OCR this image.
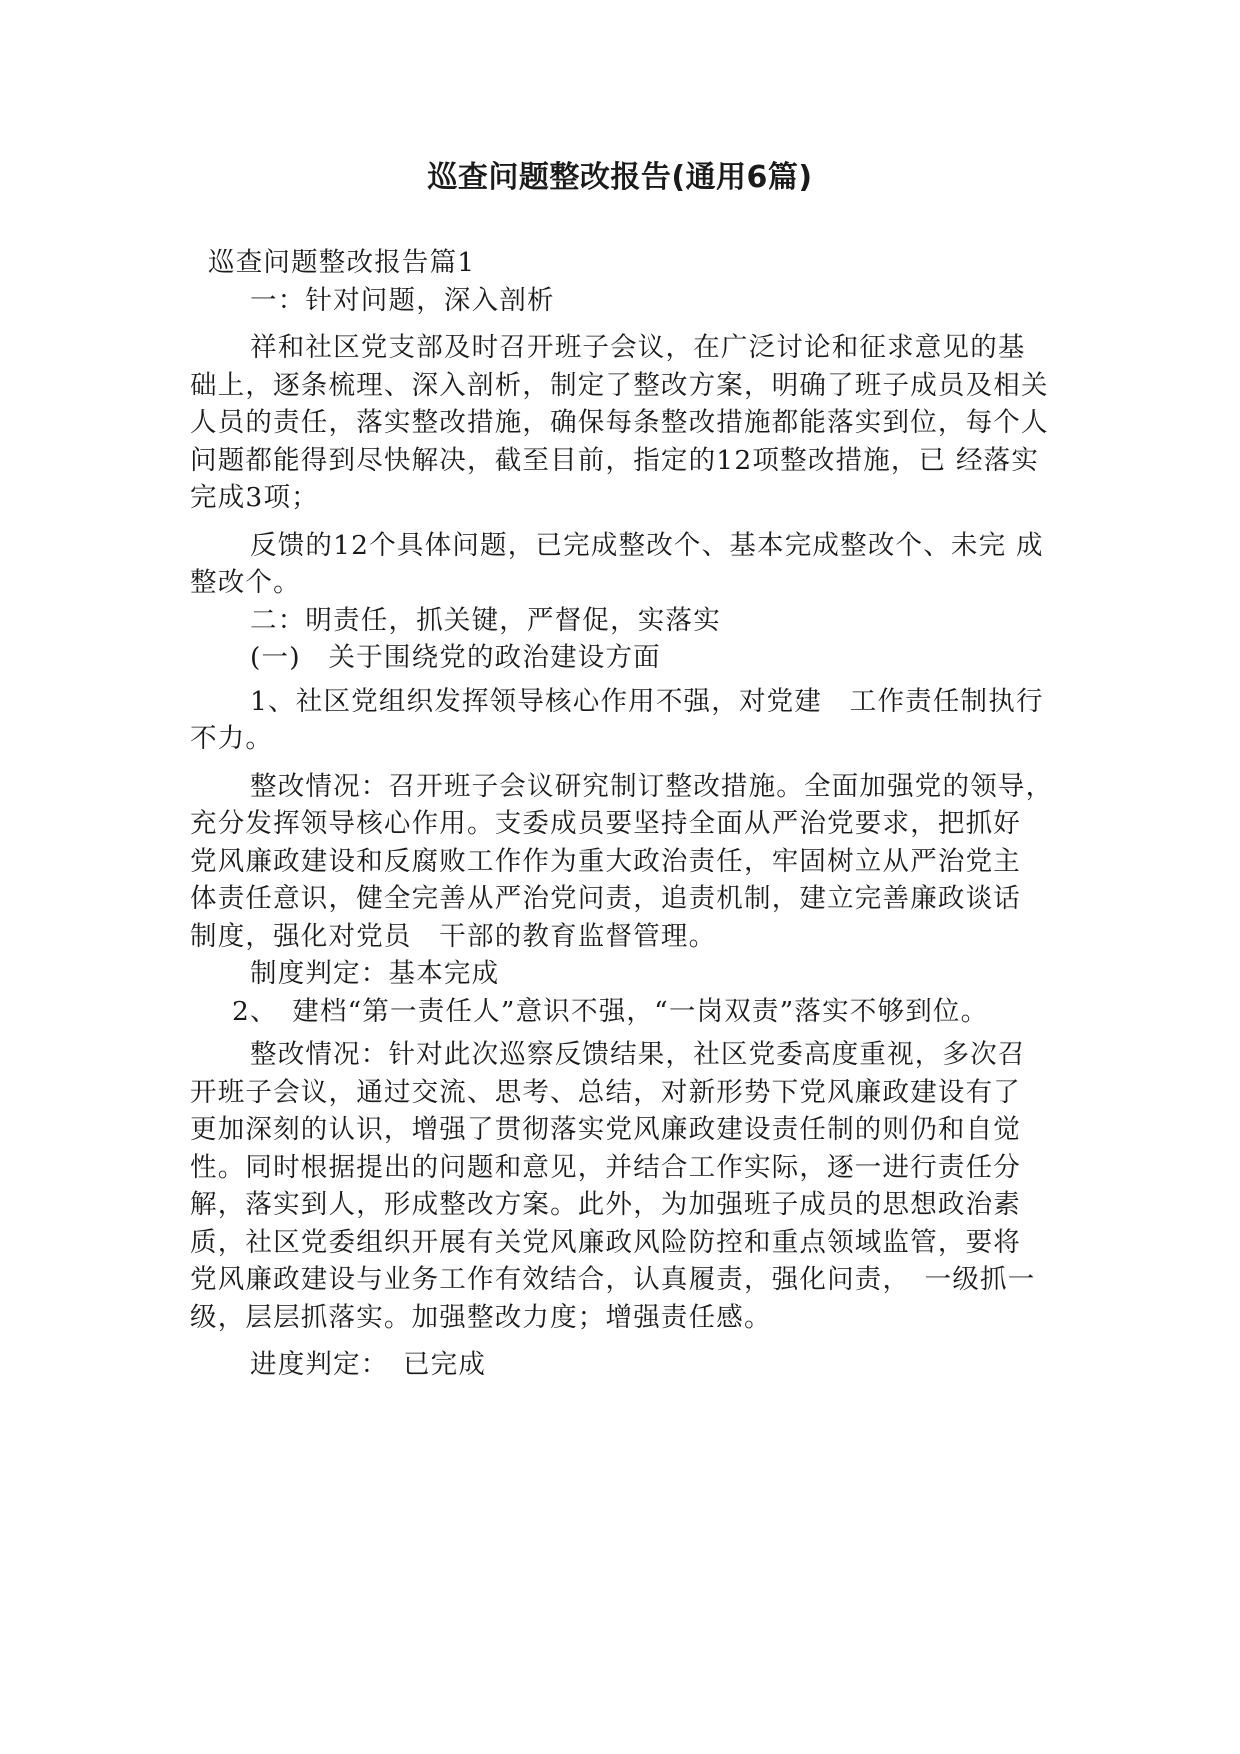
巡查问题整改报告(通用6篇)

巡查问题整改报告篇1

一：针对问题，深入剖析

祥和社区党支部及时召开班子会议，在广泛讨论和征求意见的基础上，逐条梳理、深入剖析，制定了整改方案，明确了班子成员及相关人员的责任，落实整改措施，确保每条整改措施都能落实到位，每个人问题都能得到尽快解决，截至目前，指定的12项整改措施，已 经落实完成3项；

反馈的12个具体问题，已完成整改个、基本完成整改个、未完 成整改个。

二：明责任，抓关键，严督促，实落实

(一)　关于围绕党的政治建设方面

1、社区党组织发挥领导核心作用不强，对党建　工作责任制执行不力。

整改情况：召开班子会议研究制订整改措施。全面加强党的领导，　充分发挥领导核心作用。支委成员要坚持全面从严治党要求，把抓好　党风廉政建设和反腐败工作作为重大政治责任，牢固树立从严治党主 体责任意识，健全完善从严治党问责，追责机制，建立完善廉政谈话　制度，强化对党员　干部的教育监督管理。

制度判定：基本完成

2、　建档“第一责任人”意识不强，“一岗双责”落实不够到位。

整改情况：针对此次巡察反馈结果，社区党委高度重视，多次召 开班子会议，通过交流、思考、总结，对新形势下党风廉政建设有了 更加深刻的认识，增强了贯彻落实党风廉政建设责任制的则仍和自觉 性。同时根据提出的问题和意见，并结合工作实际，逐一进行责任分 解，落实到人，形成整改方案。此外，为加强班子成员的思想政治素 质，社区党委组织开展有关党风廉政风险防控和重点领域监管，要将 党风廉政建设与业务工作有效结合，认真履责，强化问责，　一级抓一 级，层层抓落实。加强整改力度；增强责任感。

进度判定：　已完成
